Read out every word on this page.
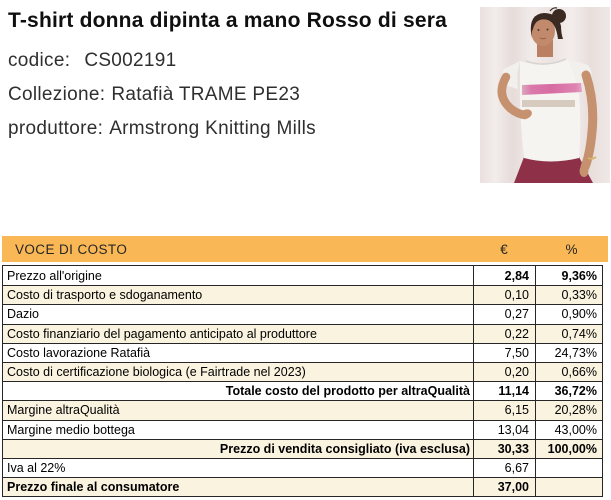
T-shirt donna dipinta a mano Rosso di sera
codice: CS002191
Collezione: Ratafià TRAME PE23
produttore: Armstrong Knitting Mills
VOCE DI COSTO	€	%
Prezzo all'origine	2,84	9,36%
Costo di trasporto e sdoganamento	0,10	0,33%
Dazio	0,27	0,90%
Costo finanziario del pagamento anticipato al produttore	0,22	0,74%
Costo lavorazione Ratafià	7,50	24,73%
Costo di certificazione biologica (e Fairtrade nel 2023)	0,20	0,66%
Totale costo del prodotto per altraQualità	11,14	36,72%
Margine altraQualità	6,15	20,28%
Margine medio bottega	13,04	43,00%
Prezzo di vendita consigliato (iva esclusa)	30,33	100,00%
Iva al 22%	6,67
Prezzo finale al consumatore	37,00
